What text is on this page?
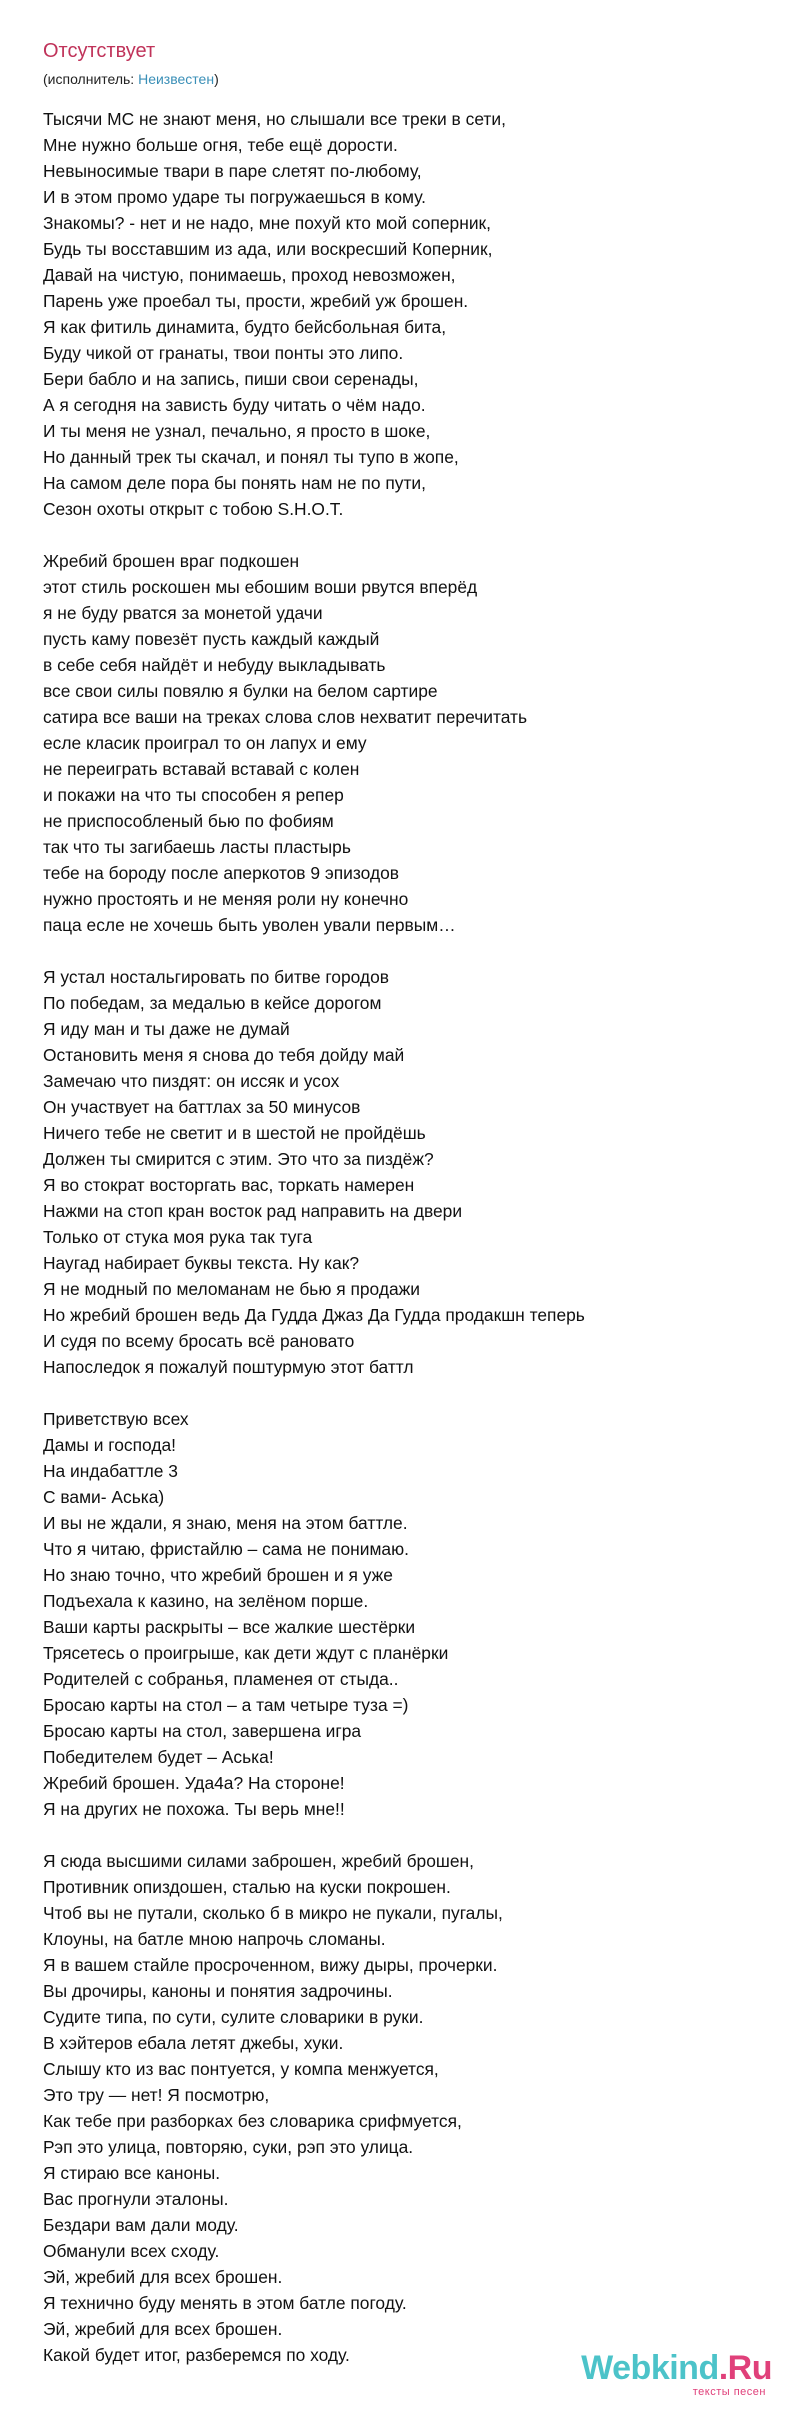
Отсутствует
(исполнитель: Неизвестен)
Тысячи МС не знают меня, но слышали все треки в сети,
Мне нужно больше огня, тебе ещё дорости.
Невыносимые твари в паре слетят по-любому,
И в этом промо ударе ты погружаешься в кому.
Знакомы? - нет и не надо, мне похуй кто мой соперник,
Будь ты восставшим из ада, или воскресший Коперник,
Давай на чистую, понимаешь, проход невозможен,
Парень уже проебал ты, прости, жребий уж брошен.
Я как фитиль динамита, будто бейсбольная бита,
Буду чикой от гранаты, твои понты это липо.
Бери бабло и на запись, пиши свои серенады,
А я сегодня на зависть буду читать о чём надо.
И ты меня не узнал, печально, я просто в шоке,
Но данный трек ты скачал, и понял ты тупо в жопе,
На самом деле пора бы понять нам не по пути,
Сезон охоты открыт с тобою S.H.O.T.
Жребий брошен враг подкошен
этот стиль роскошен мы ебошим воши рвутся вперёд
я не буду рватся за монетой удачи
пусть каму повезёт пусть каждый каждый
в себе себя найдёт и небуду выкладывать
все свои силы повялю я булки на белом сартире
сатира все ваши на треках слова слов нехватит перечитать
есле класик проиграл то он лапух и ему
не переиграть вставай вставай с колен
и покажи на что ты способен я репер
не приспособленый бью по фобиям
так что ты загибаешь ласты пластырь
тебе на бороду после аперкотов 9 эпизодов
нужно простоять и не меняя роли ну конечно
паца есле не хочешь быть уволен ували первым…
Я устал ностальгировать по битве городов
По победам, за медалью в кейсе дорогом
Я иду ман и ты даже не думай
Остановить меня я снова до тебя дойду май
Замечаю что пиздят: он иссяк и усох
Он участвует на баттлах за 50 минусов
Ничего тебе не светит и в шестой не пройдёшь
Должен ты смирится с этим. Это что за пиздёж?
Я во стократ восторгать вас, торкать намерен
Нажми на стоп кран восток рад направить на двери
Только от стука моя рука так туга
Наугад набирает буквы текста. Ну как?
Я не модный по меломанам не бью я продажи
Но жребий брошен ведь Да Гудда Джаз Да Гудда продакшн теперь
И судя по всему бросать всё рановато
Напоследок я пожалуй поштурмую этот баттл
Приветствую всех
Дамы и господа!
На индабаттле 3
С вами- Аська)
И вы не ждали, я знаю, меня на этом баттле.
Что я читаю, фристайлю – сама не понимаю.
Но знаю точно, что жребий брошен и я уже
Подъехала к казино, на зелёном порше.
Ваши карты раскрыты – все жалкие шестёрки
Трясетесь о проигрыше, как дети ждут с планёрки
Родителей с собранья, пламенея от стыда..
Бросаю карты на стол – а там четыре туза =)
Бросаю карты на стол, завершена игра
Победителем будет – Аська!
Жребий брошен. Уда4а? На стороне!
Я на других не похожа. Ты верь мне!!
Я сюда высшими силами заброшен, жребий брошен,
Противник опиздошен, сталью на куски покрошен.
Чтоб вы не путали, сколько б в микро не пукали, пугалы,
Клоуны, на батле мною напрочь сломаны.
Я в вашем стайле просроченном, вижу дыры, прочерки.
Вы дрочиры, каноны и понятия задрочины.
Судите типа, по сути, сулите словарики в руки.
В хэйтеров ебала летят джебы, хуки.
Слышу кто из вас понтуется, у компа менжуется,
Это тру — нет! Я посмотрю,
Как тебе при разборках без словарика срифмуется,
Рэп это улица, повторяю, суки, рэп это улица.
Я стираю все каноны.
Вас прогнули эталоны.
Бездари вам дали моду.
Обманули всех сходу.
Эй, жребий для всех брошен.
Я технично буду менять в этом батле погоду.
Эй, жребий для всех брошен.
Какой будет итог, разберемся по ходу.	Webkind.Ru
тексты песен
